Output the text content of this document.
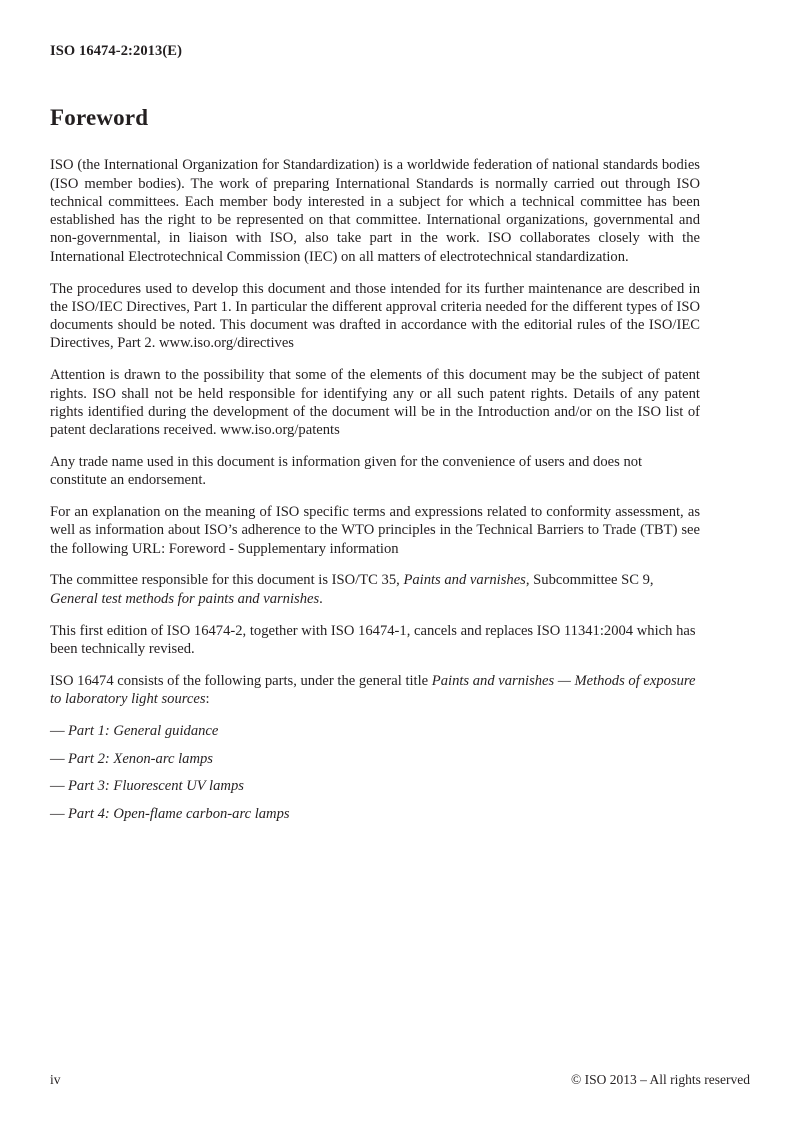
ISO 16474-2:2013(E)
Foreword

ISO (the International Organization for Standardization) is a worldwide federation of national standards bodies (ISO member bodies). The work of preparing International Standards is normally carried out through ISO technical committees. Each member body interested in a subject for which a technical committee has been established has the right to be represented on that committee. International organizations, governmental and non-governmental, in liaison with ISO, also take part in the work. ISO collaborates closely with the International Electrotechnical Commission (IEC) on all matters of electrotechnical standardization.

The procedures used to develop this document and those intended for its further maintenance are described in the ISO/IEC Directives, Part 1. In particular the different approval criteria needed for the different types of ISO documents should be noted. This document was drafted in accordance with the editorial rules of the ISO/IEC Directives, Part 2. www.iso.org/directives

Attention is drawn to the possibility that some of the elements of this document may be the subject of patent rights. ISO shall not be held responsible for identifying any or all such patent rights. Details of any patent rights identified during the development of the document will be in the Introduction and/or on the ISO list of patent declarations received. www.iso.org/patents

Any trade name used in this document is information given for the convenience of users and does not constitute an endorsement.

For an explanation on the meaning of ISO specific terms and expressions related to conformity assessment, as well as information about ISO’s adherence to the WTO principles in the Technical Barriers to Trade (TBT) see the following URL: Foreword - Supplementary information

The committee responsible for this document is ISO/TC 35, Paints and varnishes, Subcommittee SC 9, General test methods for paints and varnishes.

This first edition of ISO 16474-2, together with ISO 16474-1, cancels and replaces ISO 11341:2004 which has been technically revised.

ISO 16474 consists of the following parts, under the general title Paints and varnishes — Methods of exposure to laboratory light sources:

— Part 1: General guidance
— Part 2: Xenon-arc lamps
— Part 3: Fluorescent UV lamps
— Part 4: Open-flame carbon-arc lamps
iv	© ISO 2013 – All rights reserved
